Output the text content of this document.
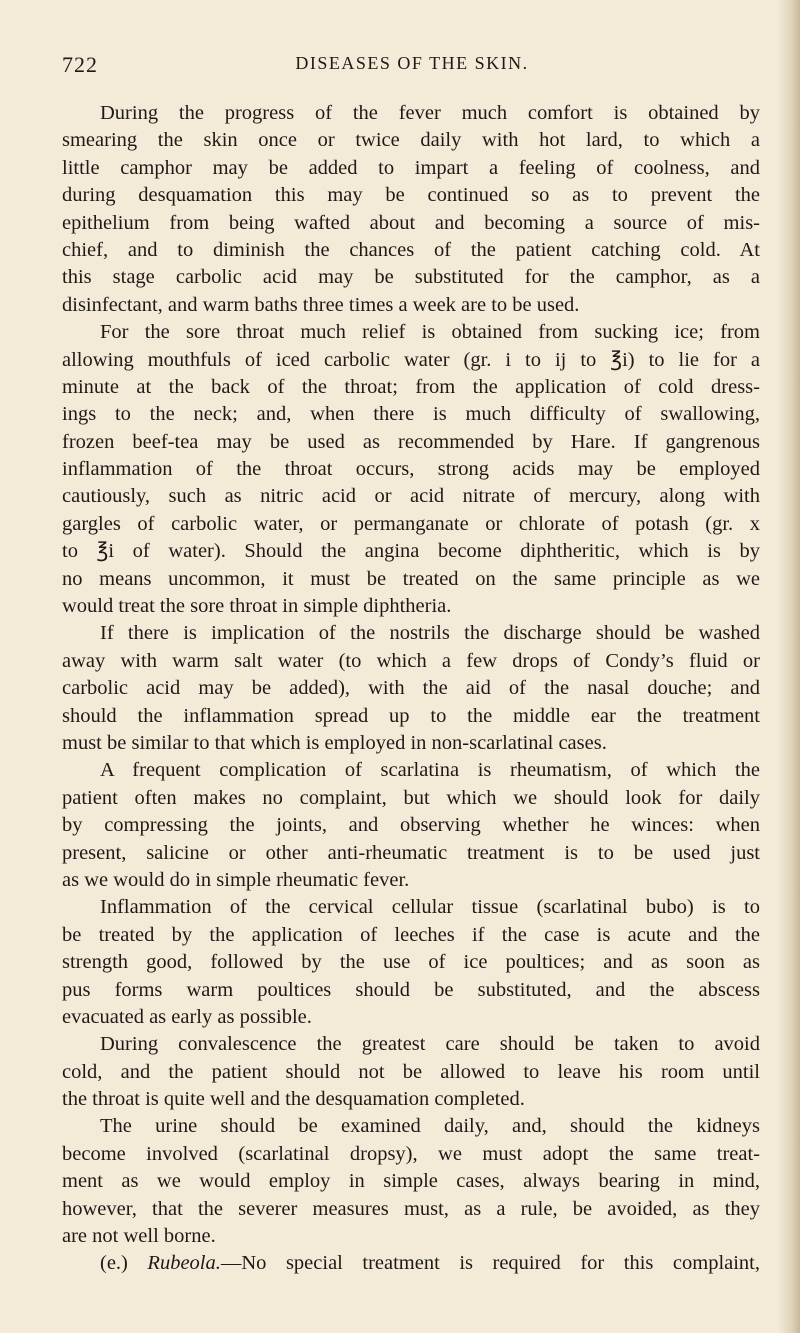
722	DISEASES OF THE SKIN.
During the progress of the fever much comfort is obtained by
smearing the skin once or twice daily with hot lard, to which a
little camphor may be added to impart a feeling of coolness, and
during desquamation this may be continued so as to prevent the
epithelium from being wafted about and becoming a source of mis-
chief, and to diminish the chances of the patient catching cold. At
this stage carbolic acid may be substituted for the camphor, as a
disinfectant, and warm baths three times a week are to be used.
For the sore throat much relief is obtained from sucking ice; from
allowing mouthfuls of iced carbolic water (gr. i to ij to ℥i) to lie for a
minute at the back of the throat; from the application of cold dress-
ings to the neck; and, when there is much difficulty of swallowing,
frozen beef-tea may be used as recommended by Hare. If gangrenous
inflammation of the throat occurs, strong acids may be employed
cautiously, such as nitric acid or acid nitrate of mercury, along with
gargles of carbolic water, or permanganate or chlorate of potash (gr. x
to ℥i of water). Should the angina become diphtheritic, which is by
no means uncommon, it must be treated on the same principle as we
would treat the sore throat in simple diphtheria.
If there is implication of the nostrils the discharge should be washed
away with warm salt water (to which a few drops of Condy’s fluid or
carbolic acid may be added), with the aid of the nasal douche; and
should the inflammation spread up to the middle ear the treatment
must be similar to that which is employed in non-scarlatinal cases.
A frequent complication of scarlatina is rheumatism, of which the
patient often makes no complaint, but which we should look for daily
by compressing the joints, and observing whether he winces: when
present, salicine or other anti-rheumatic treatment is to be used just
as we would do in simple rheumatic fever.
Inflammation of the cervical cellular tissue (scarlatinal bubo) is to
be treated by the application of leeches if the case is acute and the
strength good, followed by the use of ice poultices; and as soon as
pus forms warm poultices should be substituted, and the abscess
evacuated as early as possible.
During convalescence the greatest care should be taken to avoid
cold, and the patient should not be allowed to leave his room until
the throat is quite well and the desquamation completed.
The urine should be examined daily, and, should the kidneys
become involved (scarlatinal dropsy), we must adopt the same treat-
ment as we would employ in simple cases, always bearing in mind,
however, that the severer measures must, as a rule, be avoided, as they
are not well borne.
(e.) Rubeola.—No special treatment is required for this complaint,
